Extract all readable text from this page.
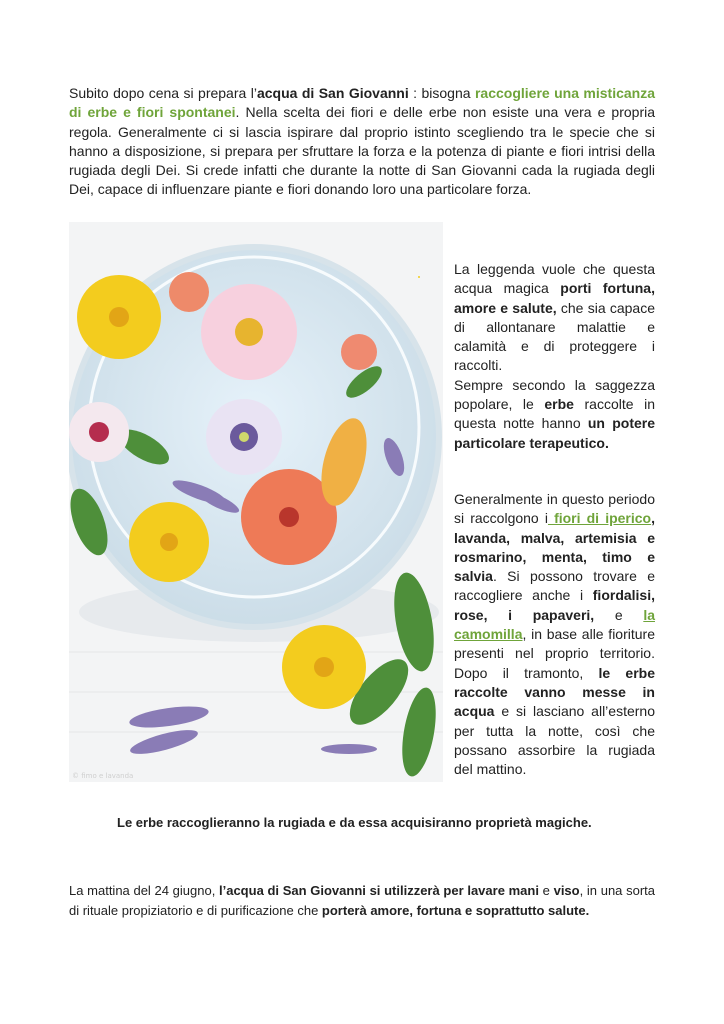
Subito dopo cena si prepara l’acqua di San Giovanni : bisogna raccogliere una misticanza di erbe e fiori spontanei. Nella scelta dei fiori e delle erbe non esiste una vera e propria regola. Generalmente ci si lascia ispirare dal proprio istinto scegliendo tra le specie che si hanno a disposizione, si prepara per sfruttare la forza e la potenza di piante e fiori intrisi della rugiada degli Dei. Si crede infatti che durante la notte di San Giovanni cada la rugiada degli Dei, capace di influenzare piante e fiori donando loro una particolare forza.
© fimo e lavanda
La leggenda vuole che questa acqua magica porti fortuna, amore e salute, che sia capace di allontanare malattie e calamità e di proteggere i raccolti.
Sempre secondo la saggezza popolare, le erbe raccolte in questa notte hanno un potere particolare terapeutico.
Generalmente in questo periodo si raccolgono i fiori di iperico, lavanda, malva, artemisia e rosmarino, menta, timo e salvia. Si possono trovare e raccogliere anche i fiordalisi, rose, i papaveri, e la camomilla, in base alle fioriture presenti nel proprio territorio. Dopo il tramonto, le erbe raccolte vanno messe in acqua e si lasciano all’esterno per tutta la notte, così che possano assorbire la rugiada del mattino.
Le erbe raccoglieranno la rugiada e da essa acquisiranno proprietà magiche.
La mattina del 24 giugno, l’acqua di San Giovanni si utilizzerà per lavare mani e viso, in una sorta di rituale propiziatorio e di purificazione che porterà amore, fortuna e soprattutto salute.
